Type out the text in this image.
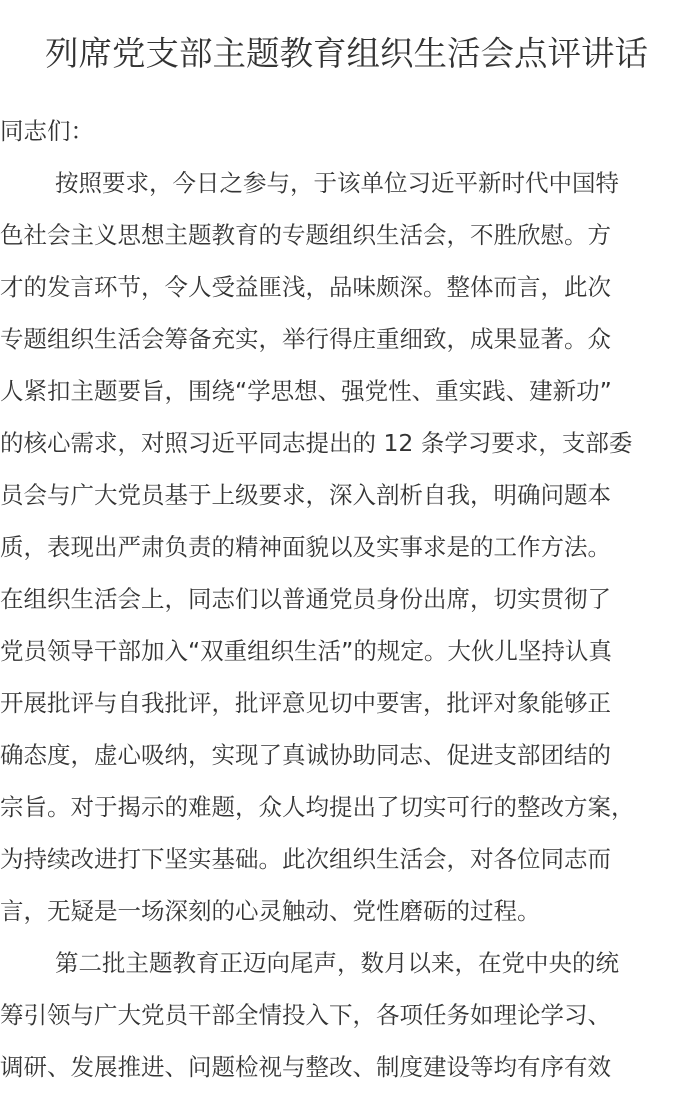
列席党支部主题教育组织生活会点评讲话
同志们：
按照要求，今日之参与，于该单位习近平新时代中国特
色社会主义思想主题教育的专题组织生活会，不胜欣慰。方
才的发言环节，令人受益匪浅，品味颇深。整体而言，此次
专题组织生活会筹备充实，举行得庄重细致，成果显著。众
人紧扣主题要旨，围绕“学思想、强党性、重实践、建新功”
的核心需求，对照习近平同志提出的 12 条学习要求，支部委
员会与广大党员基于上级要求，深入剖析自我，明确问题本
质，表现出严肃负责的精神面貌以及实事求是的工作方法。
在组织生活会上，同志们以普通党员身份出席，切实贯彻了
党员领导干部加入“双重组织生活”的规定。大伙儿坚持认真
开展批评与自我批评，批评意见切中要害，批评对象能够正
确态度，虚心吸纳，实现了真诚协助同志、促进支部团结的
宗旨。对于揭示的难题，众人均提出了切实可行的整改方案，
为持续改进打下坚实基础。此次组织生活会，对各位同志而
言，无疑是一场深刻的心灵触动、党性磨砺的过程。
第二批主题教育正迈向尾声，数月以来，在党中央的统
筹引领与广大党员干部全情投入下，各项任务如理论学习、
调研、发展推进、问题检视与整改、制度建设等均有序有效
